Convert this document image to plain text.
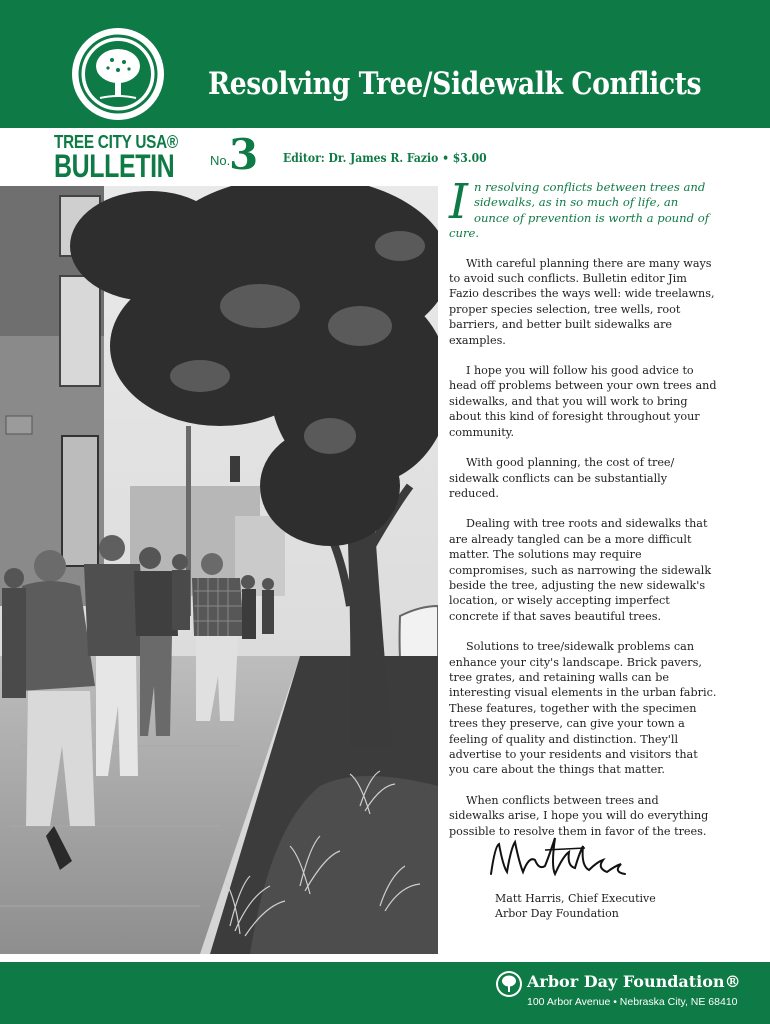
Resolving Tree/Sidewalk Conflicts
TREE CITY USA®
BULLETIN	No.
3 Editor: Dr. James R. Fazio • $3.00

In resolving conflicts between trees and sidewalks, as in so much of life, an ounce of prevention is worth a pound of cure.

With careful planning there are many ways to avoid such conflicts. Bulletin editor Jim Fazio describes the ways well: wide treelawns, proper species selection, tree wells, root barriers, and better built sidewalks are examples.

I hope you will follow his good advice to head off problems between your own trees and sidewalks, and that you will work to bring about this kind of foresight throughout your community.

With good planning, the cost of tree/ sidewalk conflicts can be substantially reduced.

Dealing with tree roots and sidewalks that are already tangled can be a more difficult matter. The solutions may require compromises, such as narrowing the sidewalk beside the tree, adjusting the new sidewalk's location, or wisely accepting imperfect concrete if that saves beautiful trees.

Solutions to tree/sidewalk problems can enhance your city's landscape. Brick pavers, tree grates, and retaining walls can be interesting visual elements in the urban fabric. These features, together with the specimen trees they preserve, can give your town a feeling of quality and distinction. They'll advertise to your residents and visitors that you care about the things that matter.

When conflicts between trees and sidewalks arise, I hope you will do everything possible to resolve them in favor of the trees.

Matt Harris, Chief Executive
Arbor Day Foundation
Arbor Day Foundation®
100 Arbor Avenue • Nebraska City, NE 68410
